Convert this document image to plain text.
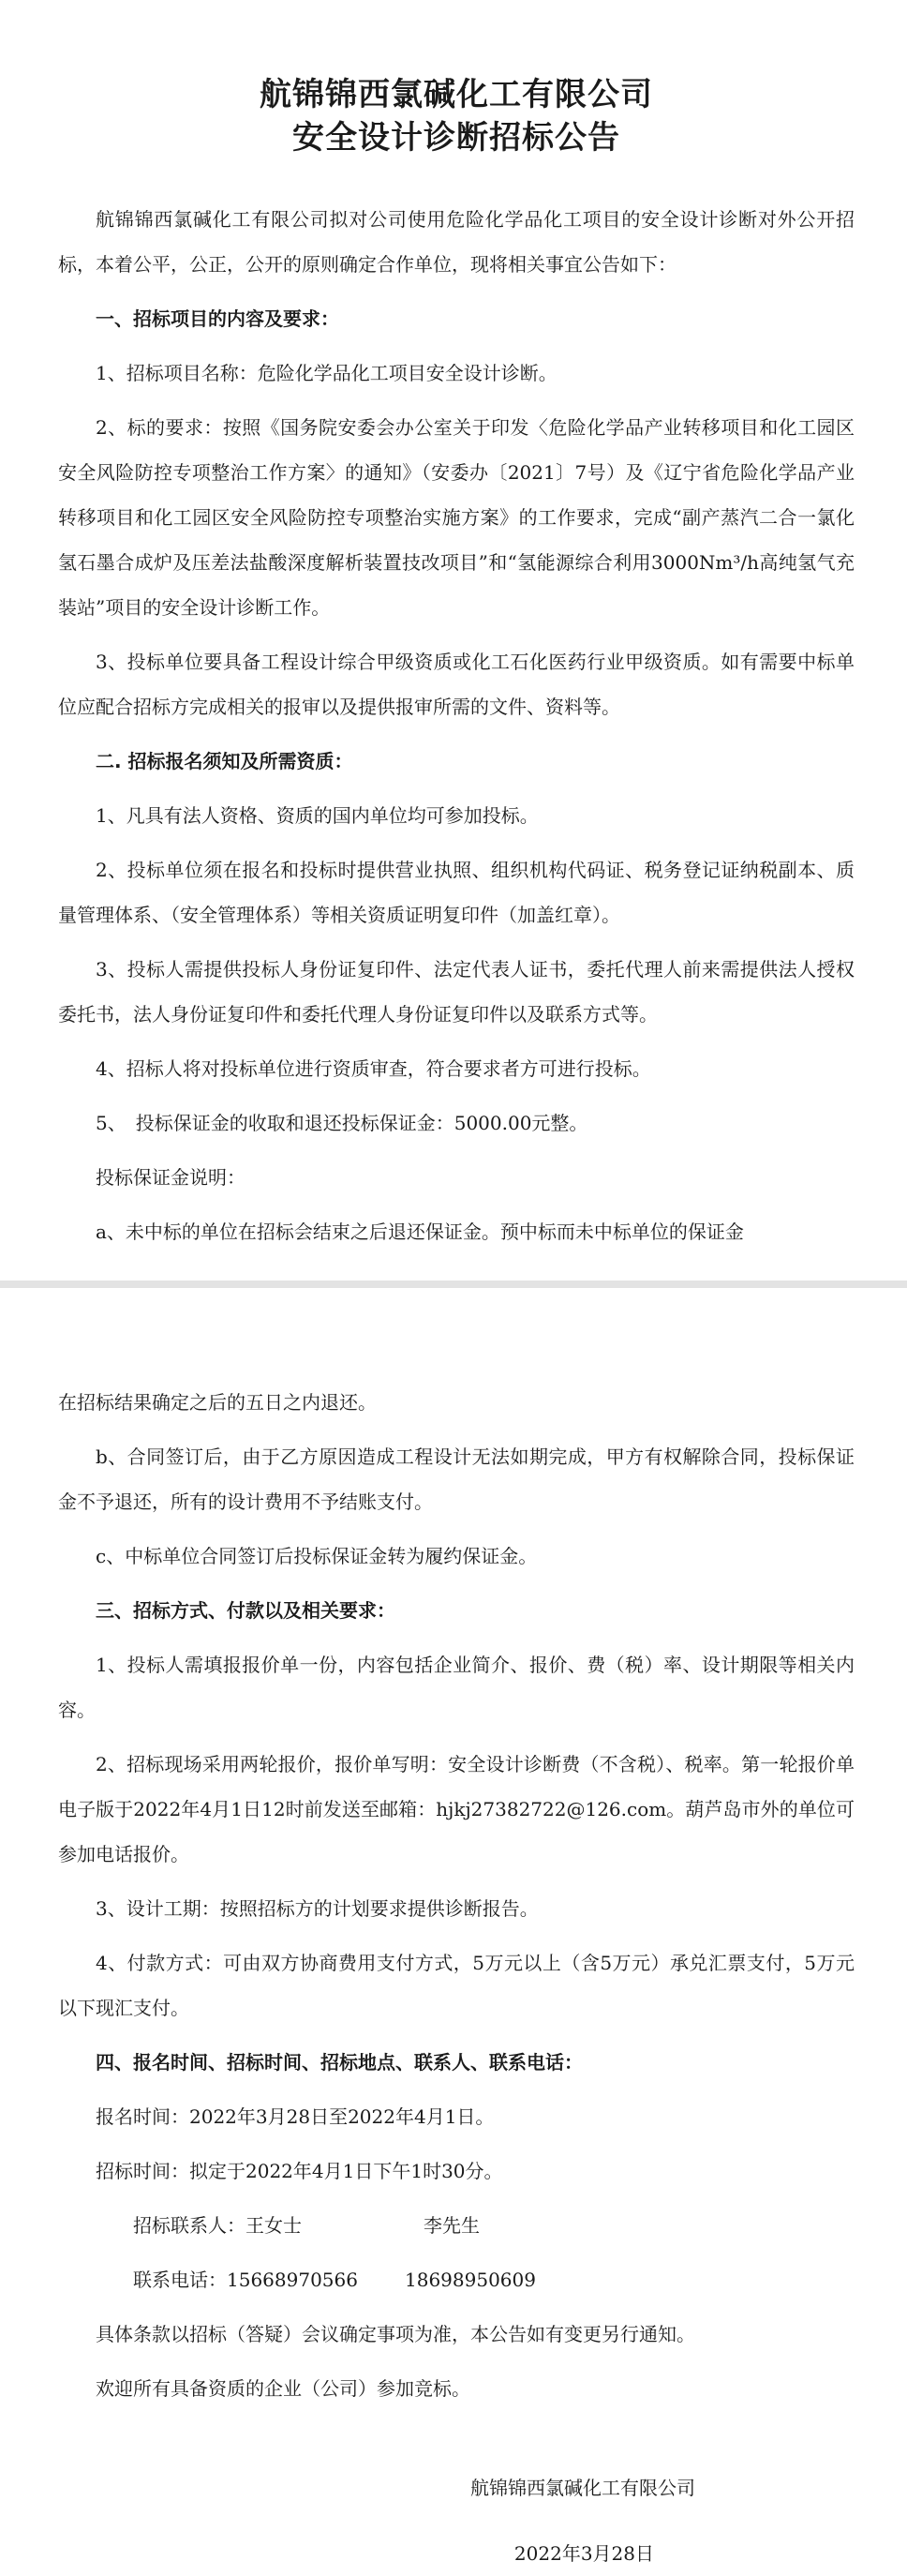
航锦锦西氯碱化工有限公司
安全设计诊断招标公告

航锦锦西氯碱化工有限公司拟对公司使用危险化学品化工项目的安全设计诊断对外公开招标，本着公平，公正，公开的原则确定合作单位，现将相关事宜公告如下：

一、招标项目的内容及要求：

1、招标项目名称：危险化学品化工项目安全设计诊断。

2、标的要求：按照《国务院安委会办公室关于印发〈危险化学品产业转移项目和化工园区安全风险防控专项整治工作方案〉的通知》（安委办〔2021〕7号）及《辽宁省危险化学品产业转移项目和化工园区安全风险防控专项整治实施方案》的工作要求，完成“副产蒸汽二合一氯化氢石墨合成炉及压差法盐酸深度解析装置技改项目”和“氢能源综合利用3000Nm³/h高纯氢气充装站”项目的安全设计诊断工作。

3、投标单位要具备工程设计综合甲级资质或化工石化医药行业甲级资质。如有需要中标单位应配合招标方完成相关的报审以及提供报审所需的文件、资料等。

二. 招标报名须知及所需资质：

1、凡具有法人资格、资质的国内单位均可参加投标。

2、投标单位须在报名和投标时提供营业执照、组织机构代码证、税务登记证纳税副本、质量管理体系、（安全管理体系）等相关资质证明复印件（加盖红章）。

3、投标人需提供投标人身份证复印件、法定代表人证书，委托代理人前来需提供法人授权委托书，法人身份证复印件和委托代理人身份证复印件以及联系方式等。

4、招标人将对投标单位进行资质审查，符合要求者方可进行投标。

5、　投标保证金的收取和退还投标保证金：5000.00元整。

投标保证金说明：

a、未中标的单位在招标会结束之后退还保证金。预中标而未中标单位的保证金

在招标结果确定之后的五日之内退还。

b、合同签订后，由于乙方原因造成工程设计无法如期完成，甲方有权解除合同，投标保证金不予退还，所有的设计费用不予结账支付。

c、中标单位合同签订后投标保证金转为履约保证金。

三、招标方式、付款以及相关要求：

1、投标人需填报报价单一份，内容包括企业简介、报价、费（税）率、设计期限等相关内容。

2、招标现场采用两轮报价，报价单写明：安全设计诊断费（不含税）、税率。第一轮报价单电子版于2022年4月1日12时前发送至邮箱：hjkj27382722@126.com。葫芦岛市外的单位可参加电话报价。

3、设计工期：按照招标方的计划要求提供诊断报告。

4、付款方式：可由双方协商费用支付方式，5万元以上（含5万元）承兑汇票支付，5万元以下现汇支付。

四、报名时间、招标时间、招标地点、联系人、联系电话：

报名时间：2022年3月28日至2022年4月1日。

招标时间：拟定于2022年4月1日下午1时30分。

招标联系人：王女士	李先生

联系电话：15668970566	18698950609

具体条款以招标（答疑）会议确定事项为准，本公告如有变更另行通知。

欢迎所有具备资质的企业（公司）参加竞标。

航锦锦西氯碱化工有限公司
2022年3月28日
